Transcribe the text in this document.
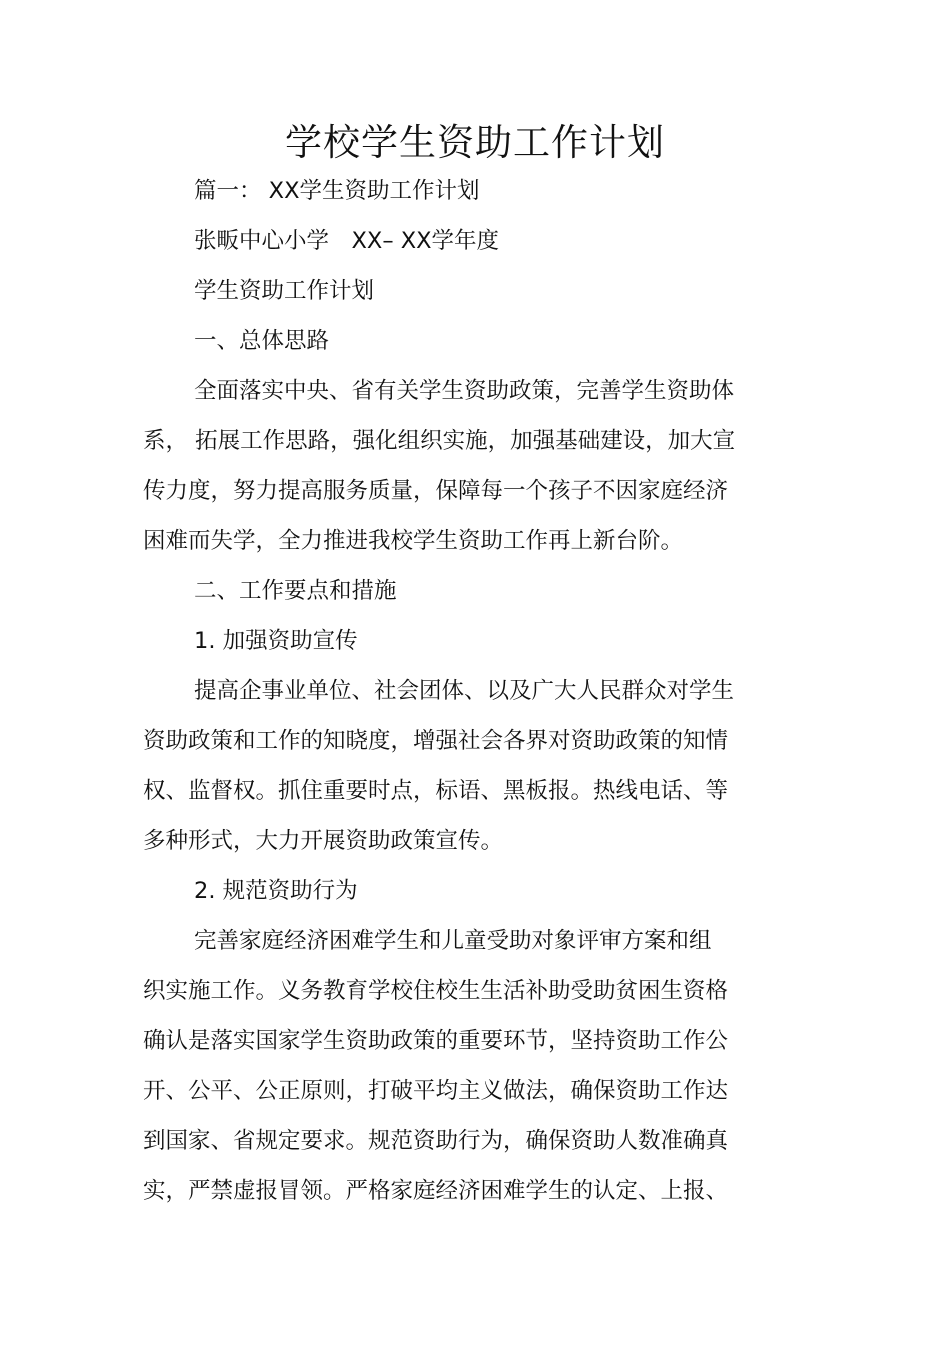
学校学生资助工作计划

篇一： XX学生资助工作计划

张畈中心小学　XX– XX学年度

学生资助工作计划

一、总体思路

全面落实中央、省有关学生资助政策，完善学生资助体

系， 拓展工作思路，强化组织实施，加强基础建设，加大宣

传力度，努力提高服务质量，保障每一个孩子不因家庭经济

困难而失学，全力推进我校学生资助工作再上新台阶。

二、工作要点和措施

1. 加强资助宣传

提高企事业单位、社会团体、以及广大人民群众对学生

资助政策和工作的知晓度，增强社会各界对资助政策的知情

权、监督权。抓住重要时点，标语、黑板报。热线电话、等

多种形式，大力开展资助政策宣传。

2. 规范资助行为

完善家庭经济困难学生和儿童受助对象评审方案和组

织实施工作。义务教育学校住校生生活补助受助贫困生资格

确认是落实国家学生资助政策的重要环节，坚持资助工作公

开、公平、公正原则，打破平均主义做法，确保资助工作达

到国家、省规定要求。规范资助行为，确保资助人数准确真

实，严禁虚报冒领。严格家庭经济困难学生的认定、上报、
